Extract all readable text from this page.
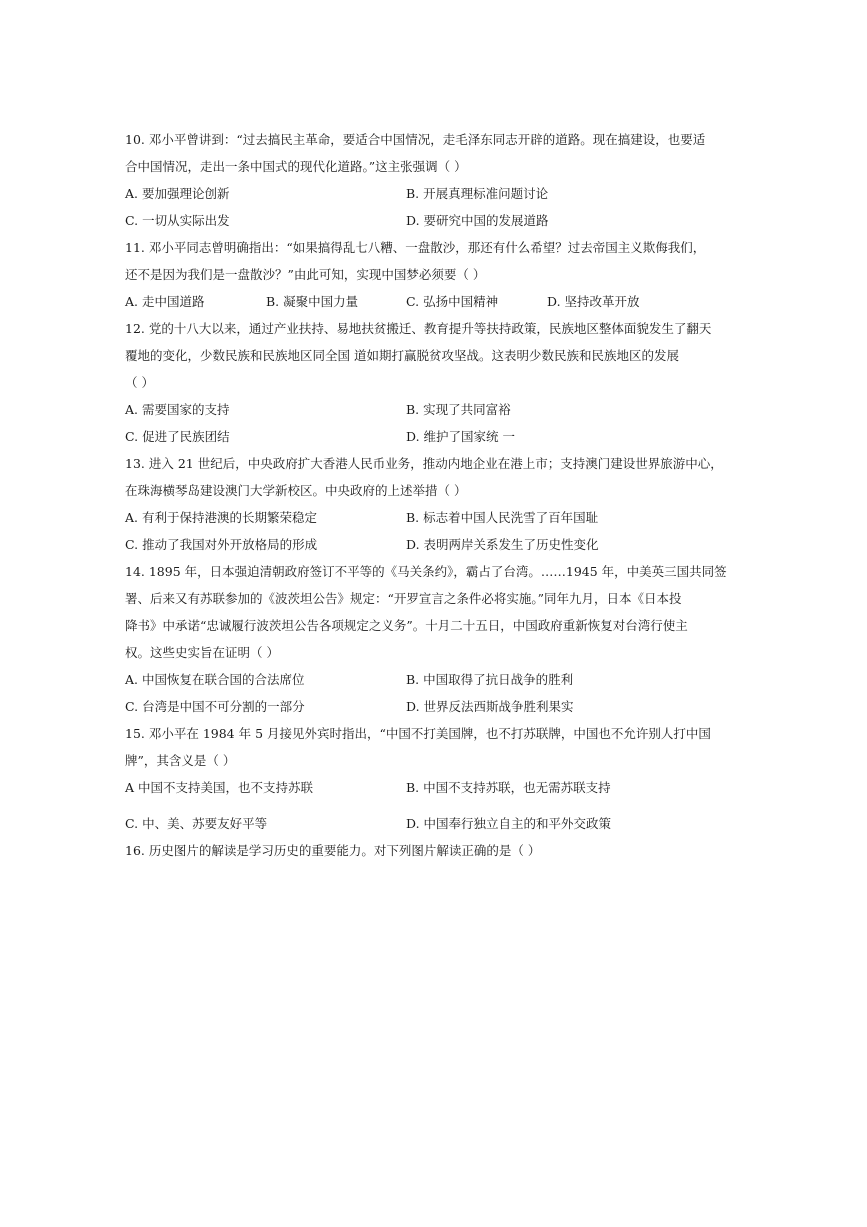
10. 邓小平曾讲到：“过去搞民主革命，要适合中国情况，走毛泽东同志开辟的道路。现在搞建设，也要适
合中国情况，走出一条中国式的现代化道路。”这主张强调（ ）
A. 要加强理论创新	B. 开展真理标准问题讨论
C. 一切从实际出发	D. 要研究中国的发展道路
11. 邓小平同志曾明确指出：“如果搞得乱七八糟、一盘散沙，那还有什么希望？过去帝国主义欺侮我们，
还不是因为我们是一盘散沙？”由此可知，实现中国梦必须要（ ）
A. 走中国道路	B. 凝聚中国力量	C. 弘扬中国精神	D. 坚持改革开放
12. 党的十八大以来，通过产业扶持、易地扶贫搬迁、教育提升等扶持政策，民族地区整体面貌发生了翻天
覆地的变化，少数民族和民族地区同全国 道如期打赢脱贫攻坚战。这表明少数民族和民族地区的发展
（ ）
A. 需要国家的支持	B. 实现了共同富裕
C. 促进了民族团结	D. 维护了国家统 一
13. 进入 21 世纪后，中央政府扩大香港人民币业务，推动内地企业在港上市；支持澳门建设世界旅游中心，
在珠海横琴岛建设澳门大学新校区。中央政府的上述举措（ ）
A. 有利于保持港澳的长期繁荣稳定	B. 标志着中国人民洗雪了百年国耻
C. 推动了我国对外开放格局的形成	D. 表明两岸关系发生了历史性变化
14. 1895 年，日本强迫清朝政府签订不平等的《马关条约》，霸占了台湾。……1945 年，中美英三国共同签
署、后来又有苏联参加的《波茨坦公告》规定：“开罗宣言之条件必将实施。”同年九月，日本《日本投
降书》中承诺“忠诚履行波茨坦公告各项规定之义务”。十月二十五日，中国政府重新恢复对台湾行使主
权。这些史实旨在证明（ ）
A. 中国恢复在联合国的合法席位	B. 中国取得了抗日战争的胜利
C. 台湾是中国不可分割的一部分	D. 世界反法西斯战争胜利果实
15. 邓小平在 1984 年 5 月接见外宾时指出，“中国不打美国牌，也不打苏联牌，中国也不允许别人打中国
牌”，其含义是（ ）
A 中国不支持美国，也不支持苏联	B. 中国不支持苏联，也无需苏联支持
C. 中、美、苏要友好平等	D. 中国奉行独立自主的和平外交政策
16. 历史图片的解读是学习历史的重要能力。对下列图片解读正确的是（ ）
